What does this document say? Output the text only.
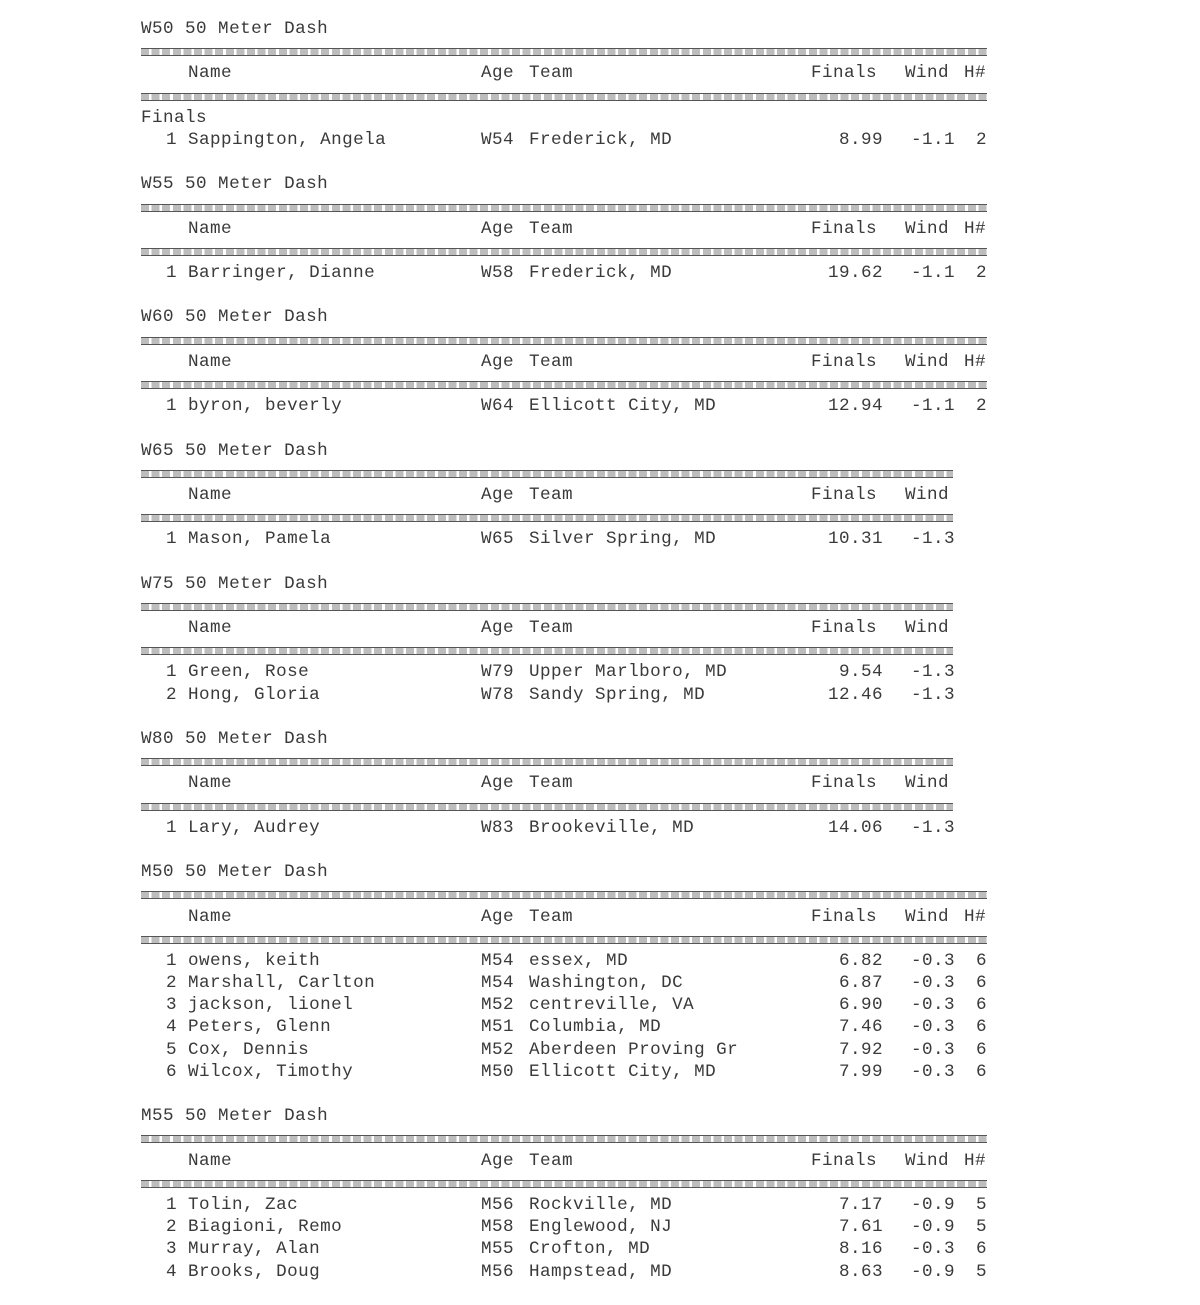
W50 50 Meter Dash
Name	Age Team	Finals Wind H#
Finals
1 Sappington, Angela	W54 Frederick, MD	8.99	-1.1	2
W55 50 Meter Dash
Name	Age Team	Finals Wind H#
1 Barringer, Dianne	W58 Frederick, MD	19.62	-1.1	2
W60 50 Meter Dash
Name	Age Team	Finals Wind H#
1 byron, beverly	W64 Ellicott City, MD	12.94	-1.1	2
W65 50 Meter Dash
Name	Age Team	Finals Wind
1 Mason, Pamela	W65 Silver Spring, MD	10.31	-1.3
W75 50 Meter Dash
Name	Age Team	Finals Wind
1 Green, Rose	W79 Upper Marlboro, MD	9.54	-1.3
2 Hong, Gloria	W78 Sandy Spring, MD	12.46	-1.3
W80 50 Meter Dash
Name	Age Team	Finals Wind
1 Lary, Audrey	W83 Brookeville, MD	14.06	-1.3
M50 50 Meter Dash
Name	Age Team	Finals Wind H#
1 owens, keith	M54 essex, MD	6.82	-0.3	6
2 Marshall, Carlton	M54 Washington, DC	6.87	-0.3	6
3 jackson, lionel	M52 centreville, VA	6.90	-0.3	6
4 Peters, Glenn	M51 Columbia, MD	7.46	-0.3	6
5 Cox, Dennis	M52 Aberdeen Proving Gr	7.92	-0.3	6
6 Wilcox, Timothy	M50 Ellicott City, MD	7.99	-0.3	6
M55 50 Meter Dash
Name	Age Team	Finals Wind H#
1 Tolin, Zac	M56 Rockville, MD	7.17	-0.9	5
2 Biagioni, Remo	M58 Englewood, NJ	7.61	-0.9	5
3 Murray, Alan	M55 Crofton, MD	8.16	-0.3	6
4 Brooks, Doug	M56 Hampstead, MD	8.63	-0.9	5
